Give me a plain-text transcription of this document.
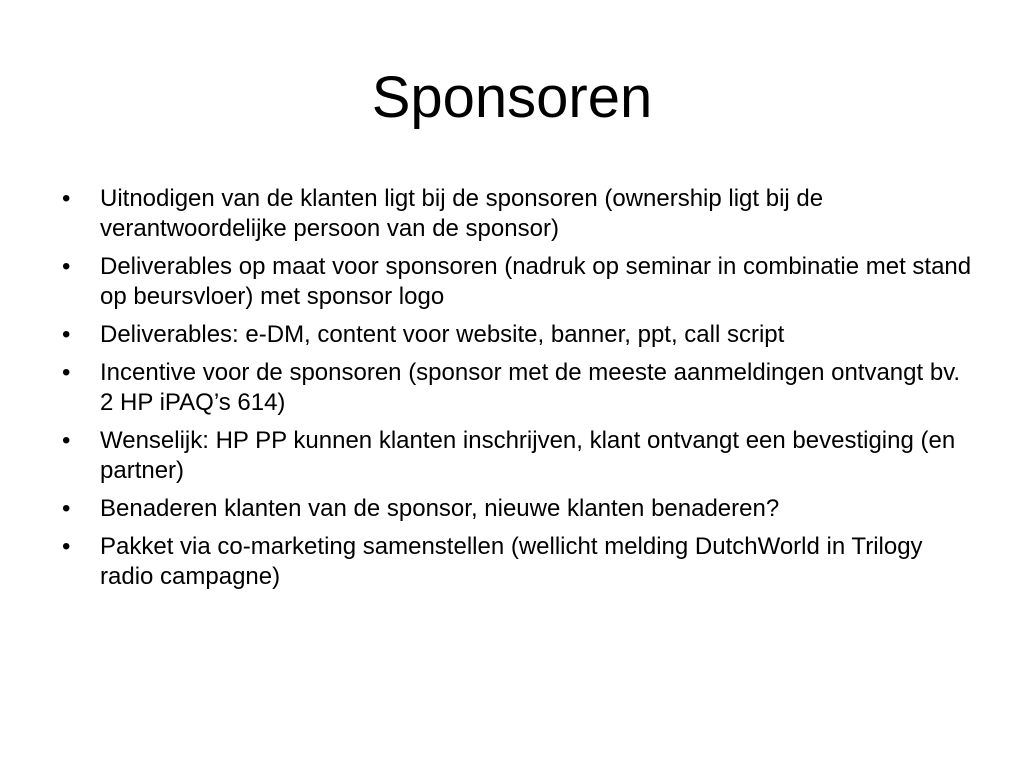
Sponsoren
•	Uitnodigen van de klanten ligt bij de sponsoren (ownership ligt bij de verantwoordelijke persoon van de sponsor)
•	Deliverables op maat voor sponsoren (nadruk op seminar in combinatie met stand op beursvloer) met sponsor logo
•	Deliverables: e-DM, content voor website, banner, ppt, call script
•	Incentive voor de sponsoren (sponsor met de meeste aanmeldingen ontvangt bv. 2 HP iPAQ’s 614)
•	Wenselijk: HP PP kunnen klanten inschrijven, klant ontvangt een bevestiging (en partner)
•	Benaderen klanten van de sponsor, nieuwe klanten benaderen?
•	Pakket via co-marketing samenstellen (wellicht melding DutchWorld in Trilogy radio campagne)
